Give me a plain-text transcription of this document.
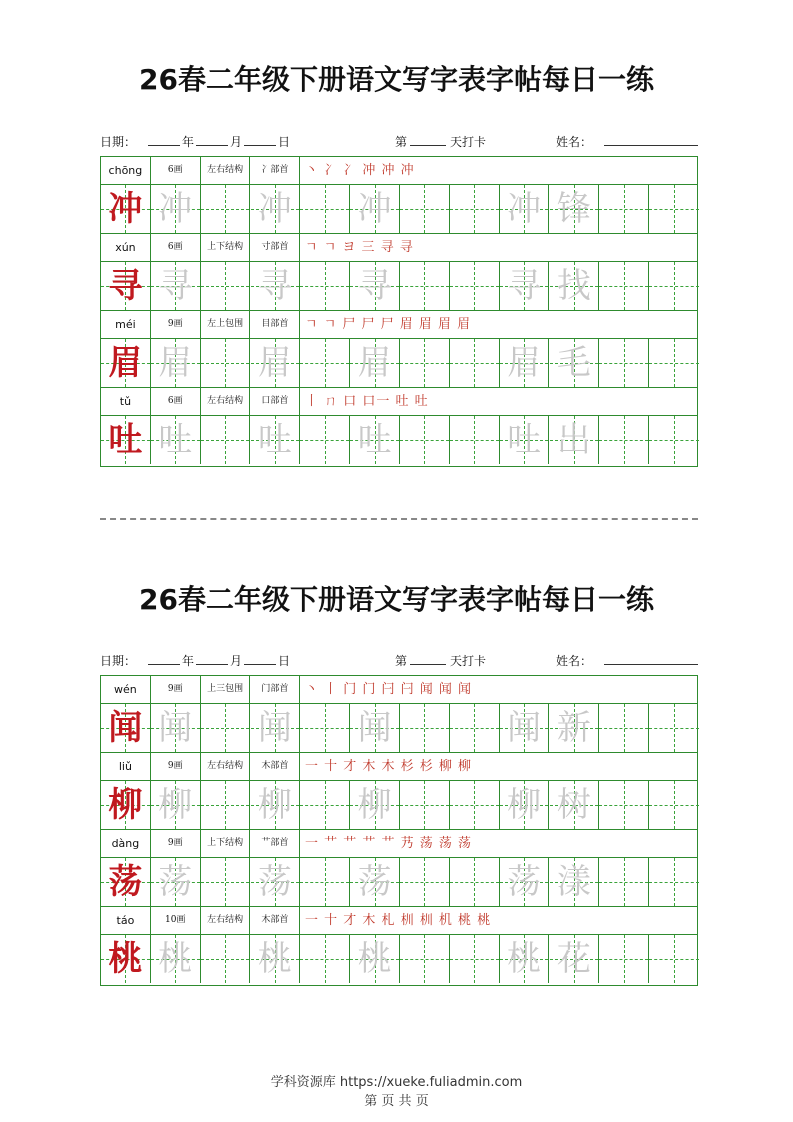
26春二年级下册语文写字表字帖每日一练
日期：	年	月	日	第	天打卡	姓名：
chōng	6画	左右结构	冫部首	丶 冫 冫 冲 冲 冲
冲 冲 冲 冲	冲 锋
xún	6画	上下结构	寸部首	ㄱ ㄱ ヨ 三 寻 寻
寻 寻 寻 寻	寻 找
méi	9画	左上包围	目部首	ㄱ ㄱ 尸 尸 尸 眉 眉 眉 眉
眉 眉 眉 眉	眉 毛
tǔ	6画	左右结构	口部首	丨 ㄇ 口 口一 吐 吐
吐 吐 吐 吐	吐 出
26春二年级下册语文写字表字帖每日一练
日期：	年	月	日	第	天打卡	姓名：
wén	9画	上三包围	门部首	丶 丨 门 门 闩 闩 闻 闻 闻
闻 闻 闻 闻	闻 新
liǔ	9画	左右结构	木部首	一 十 才 木 木 杉 杉 柳 柳
柳 柳 柳 柳	柳 树
dàng	9画	上下结构	艹部首	一 艹 艹 艹 艹 艿 荡 荡 荡
荡 荡 荡 荡	荡 漾
táo	10画	左右结构	木部首	一 十 才 木 札 杊 杊 机 桃 桃
桃 桃 桃 桃	桃 花
学科资源库 https://xueke.fuliadmin.com
第 页 共 页
